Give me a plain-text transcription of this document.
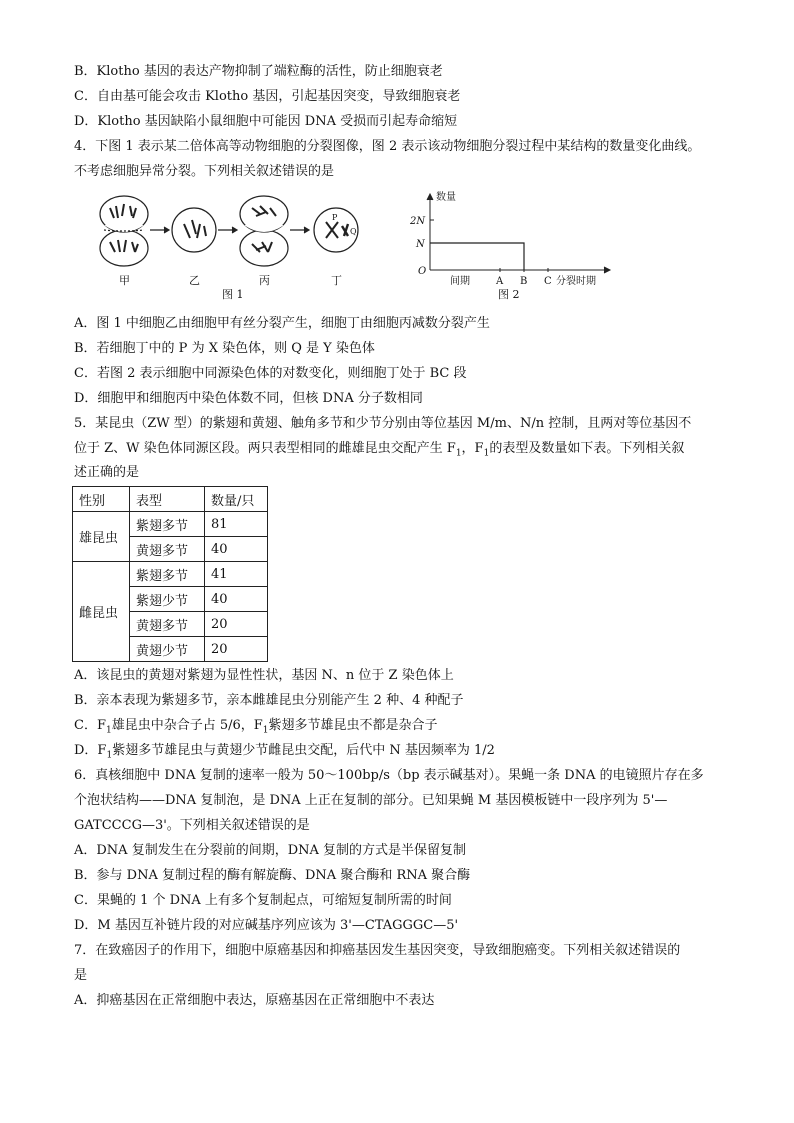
B．Klotho 基因的表达产物抑制了端粒酶的活性，防止细胞衰老
C．自由基可能会攻击 Klotho 基因，引起基因突变，导致细胞衰老
D．Klotho 基因缺陷小鼠细胞中可能因 DNA 受损而引起寿命缩短
4．下图 1 表示某二倍体高等动物细胞的分裂图像，图 2 表示该动物细胞分裂过程中某结构的数量变化曲线。
不考虑细胞异常分裂。下列相关叙述错误的是
甲	乙	丙
P
Q
丁
图 1
数量
2N
N
O
间期	A B C 分裂时期
图 2
A．图 1 中细胞乙由细胞甲有丝分裂产生，细胞丁由细胞丙减数分裂产生
B．若细胞丁中的 P 为 X 染色体，则 Q 是 Y 染色体
C．若图 2 表示细胞中同源染色体的对数变化，则细胞丁处于 BC 段
D．细胞甲和细胞丙中染色体数不同，但核 DNA 分子数相同
5．某昆虫（ZW 型）的紫翅和黄翅、触角多节和少节分别由等位基因 M/m、N/n 控制，且两对等位基因不
位于 Z、W 染色体同源区段。两只表型相同的雌雄昆虫交配产生 $F_1$，$F_1$的表型及数量如下表。下列相关叙
述正确的是
性别	表型	数量/只
雄昆虫	紫翅多节	81
	黄翅多节	40
雌昆虫	紫翅多节	41
	紫翅少节	40
	黄翅多节	20
	黄翅少节	20
A．该昆虫的黄翅对紫翅为显性性状，基因 N、n 位于 Z 染色体上
B．亲本表现为紫翅多节，亲本雌雄昆虫分别能产生 2 种、4 种配子
C．$F_1$雄昆虫中杂合子占 5/6，$F_1$紫翅多节雄昆虫不都是杂合子
D．$F_1$紫翅多节雄昆虫与黄翅少节雌昆虫交配，后代中 N 基因频率为 1/2
6．真核细胞中 DNA 复制的速率一般为 50～100bp/s（bp 表示碱基对）。果蝇一条 DNA 的电镜照片存在多
个泡状结构——DNA 复制泡，是 DNA 上正在复制的部分。已知果蝇 M 基因模板链中一段序列为 5'—
GATCCCG—3'。下列相关叙述错误的是
A．DNA 复制发生在分裂前的间期，DNA 复制的方式是半保留复制
B．参与 DNA 复制过程的酶有解旋酶、DNA 聚合酶和 RNA 聚合酶
C．果蝇的 1 个 DNA 上有多个复制起点，可缩短复制所需的时间
D．M 基因互补链片段的对应碱基序列应该为 3'—CTAGGGC—5'
7．在致癌因子的作用下，细胞中原癌基因和抑癌基因发生基因突变，导致细胞癌变。下列相关叙述错误的
是
A．抑癌基因在正常细胞中表达，原癌基因在正常细胞中不表达
